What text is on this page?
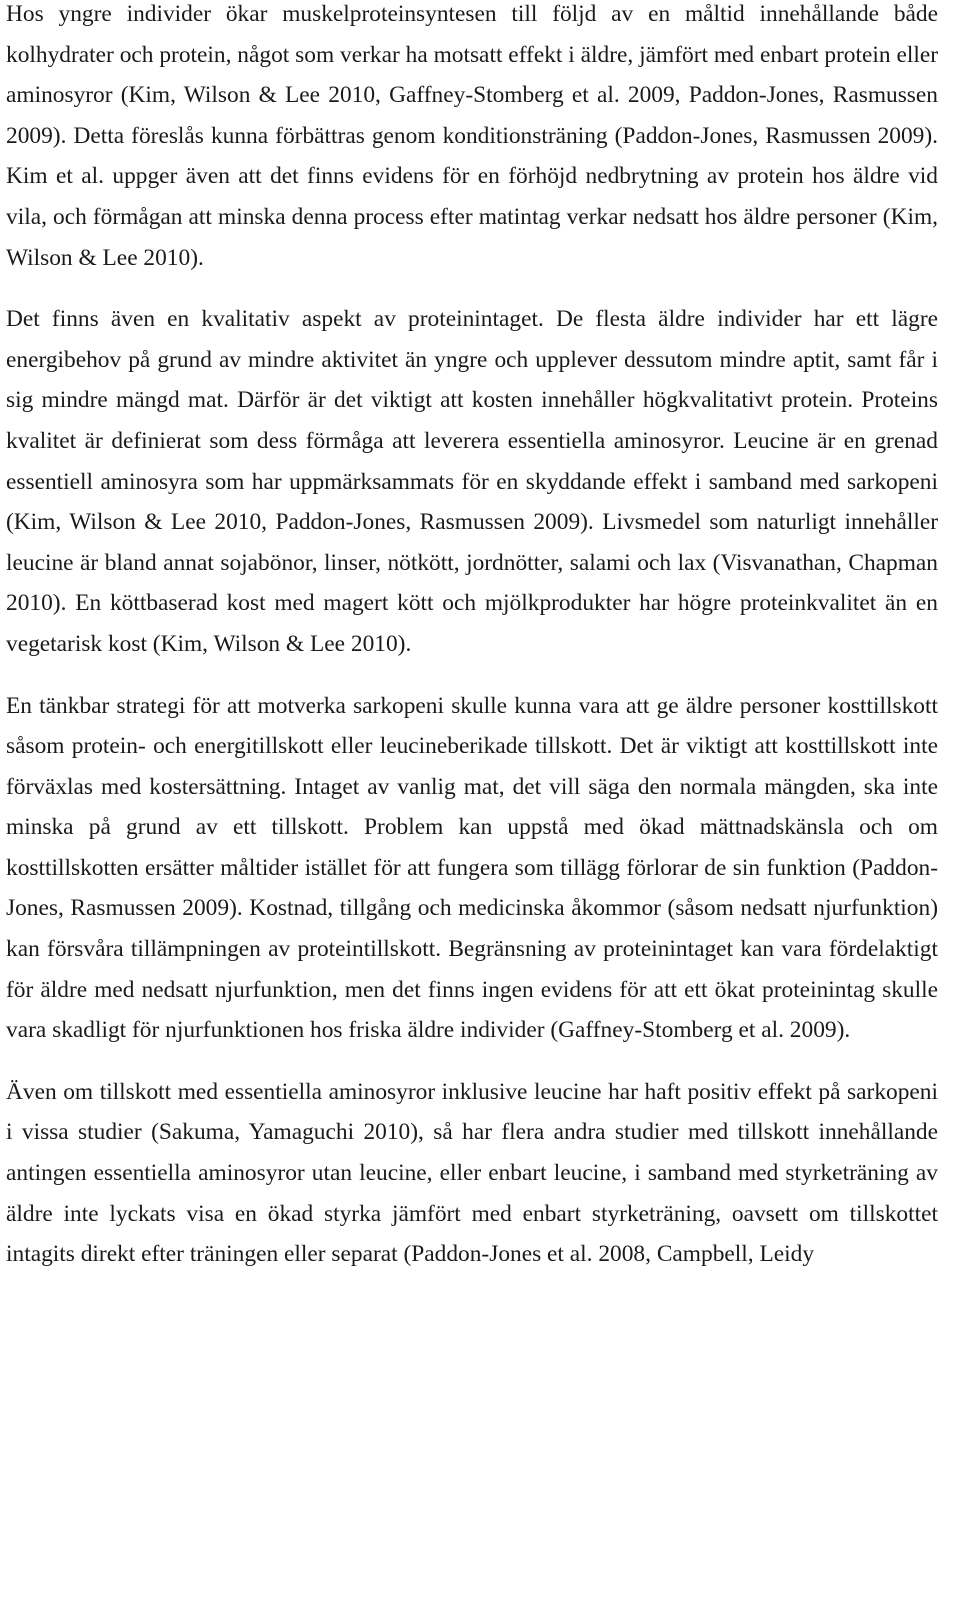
Hos yngre individer ökar muskelproteinsyntesen till följd av en måltid innehållande både kolhydrater och protein, något som verkar ha motsatt effekt i äldre, jämfört med enbart protein eller aminosyror (Kim, Wilson & Lee 2010, Gaffney-Stomberg et al. 2009, Paddon-Jones, Rasmussen 2009). Detta föreslås kunna förbättras genom konditionsträning (Paddon-Jones, Rasmussen 2009). Kim et al. uppger även att det finns evidens för en förhöjd nedbrytning av protein hos äldre vid vila, och förmågan att minska denna process efter matintag verkar nedsatt hos äldre personer (Kim, Wilson & Lee 2010).

Det finns även en kvalitativ aspekt av proteinintaget. De flesta äldre individer har ett lägre energibehov på grund av mindre aktivitet än yngre och upplever dessutom mindre aptit, samt får i sig mindre mängd mat. Därför är det viktigt att kosten innehåller högkvalitativt protein. Proteins kvalitet är definierat som dess förmåga att leverera essentiella aminosyror. Leucine är en grenad essentiell aminosyra som har uppmärksammats för en skyddande effekt i samband med sarkopeni (Kim, Wilson & Lee 2010, Paddon-Jones, Rasmussen 2009). Livsmedel som naturligt innehåller leucine är bland annat sojabönor, linser, nötkött, jordnötter, salami och lax (Visvanathan, Chapman 2010). En köttbaserad kost med magert kött och mjölkprodukter har högre proteinkvalitet än en vegetarisk kost (Kim, Wilson & Lee 2010).

En tänkbar strategi för att motverka sarkopeni skulle kunna vara att ge äldre personer kosttillskott såsom protein- och energitillskott eller leucineberikade tillskott. Det är viktigt att kosttillskott inte förväxlas med kostersättning. Intaget av vanlig mat, det vill säga den normala mängden, ska inte minska på grund av ett tillskott. Problem kan uppstå med ökad mättnadskänsla och om kosttillskotten ersätter måltider istället för att fungera som tillägg förlorar de sin funktion (Paddon-Jones, Rasmussen 2009). Kostnad, tillgång och medicinska åkommor (såsom nedsatt njurfunktion) kan försvåra tillämpningen av proteintillskott. Begränsning av proteinintaget kan vara fördelaktigt för äldre med nedsatt njurfunktion, men det finns ingen evidens för att ett ökat proteinintag skulle vara skadligt för njurfunktionen hos friska äldre individer (Gaffney-Stomberg et al. 2009).

Även om tillskott med essentiella aminosyror inklusive leucine har haft positiv effekt på sarkopeni i vissa studier (Sakuma, Yamaguchi 2010), så har flera andra studier med tillskott innehållande antingen essentiella aminosyror utan leucine, eller enbart leucine, i samband med styrketräning av äldre inte lyckats visa en ökad styrka jämfört med enbart styrketräning, oavsett om tillskottet intagits direkt efter träningen eller separat (Paddon-Jones et al. 2008, Campbell, Leidy
